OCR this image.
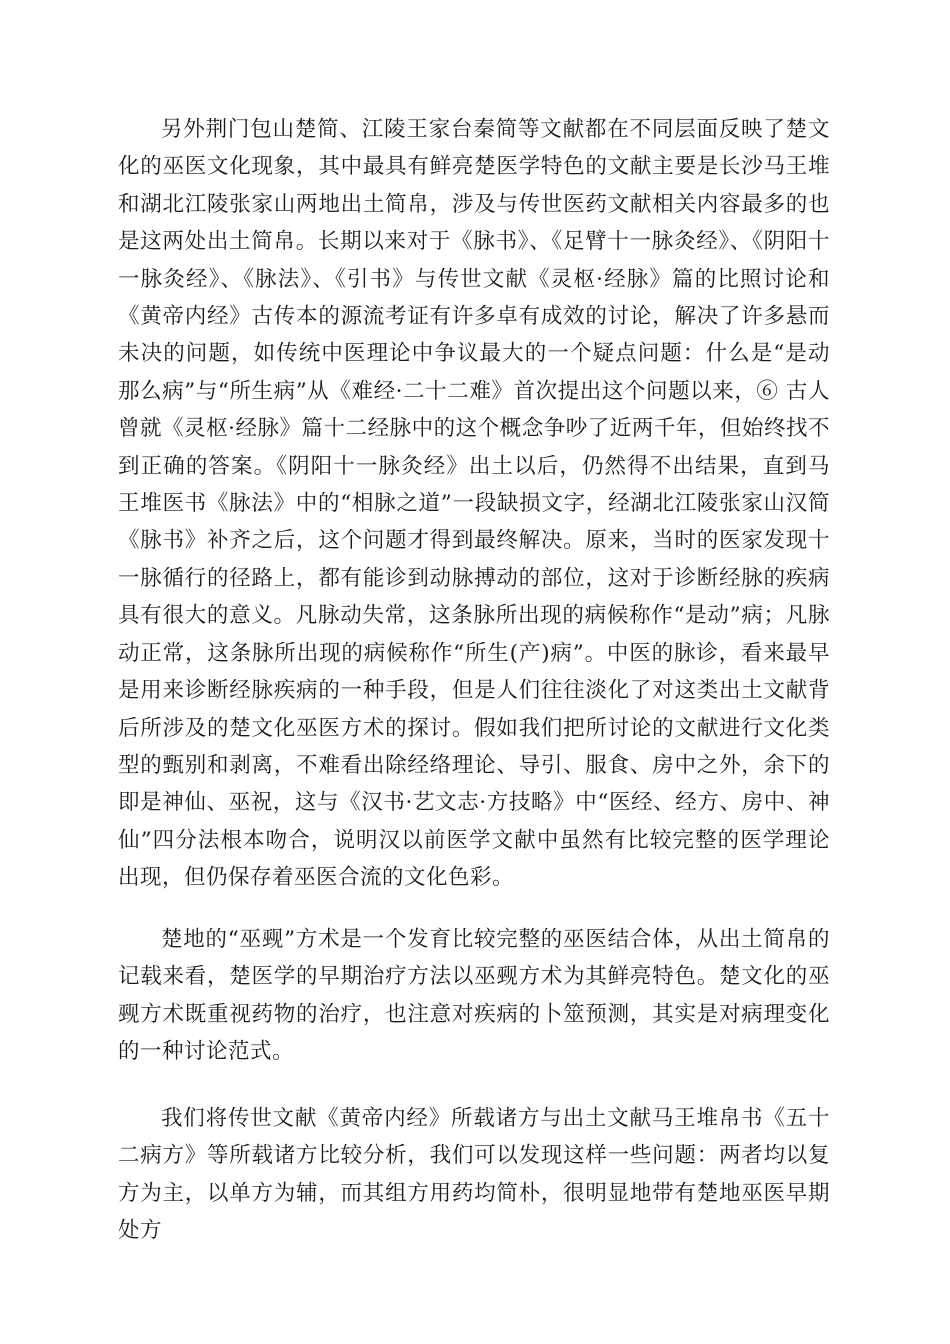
另外荆门包山楚简、江陵王家台秦简等文献都在不同层面反映了楚文化的巫医文化现象，其中最具有鲜亮楚医学特色的文献主要是长沙马王堆和湖北江陵张家山两地出土简帛，涉及与传世医药文献相关内容最多的也是这两处出土简帛。长期以来对于《脉书》、《足臂十一脉灸经》、《阴阳十一脉灸经》、《脉法》、《引书》与传世文献《灵枢·经脉》篇的比照讨论和《黄帝内经》古传本的源流考证有许多卓有成效的讨论，解决了许多悬而未决的问题，如传统中医理论中争议最大的一个疑点问题：什么是“是动那么病”与“所生病”从《难经·二十二难》首次提出这个问题以来，⑥ 古人曾就《灵枢·经脉》篇十二经脉中的这个概念争吵了近两千年，但始终找不到正确的答案。《阴阳十一脉灸经》出土以后，仍然得不出结果，直到马王堆医书《脉法》中的“相脉之道”一段缺损文字，经湖北江陵张家山汉简《脉书》补齐之后，这个问题才得到最终解决。原来，当时的医家发现十一脉循行的径路上，都有能诊到动脉搏动的部位，这对于诊断经脉的疾病具有很大的意义。凡脉动失常，这条脉所出现的病候称作“是动”病；凡脉动正常，这条脉所出现的病候称作“所生(产)病”。中医的脉诊，看来最早是用来诊断经脉疾病的一种手段，但是人们往往淡化了对这类出土文献背后所涉及的楚文化巫医方术的探讨。假如我们把所讨论的文献进行文化类型的甄别和剥离，不难看出除经络理论、导引、服食、房中之外，余下的即是神仙、巫祝，这与《汉书·艺文志·方技略》中“医经、经方、房中、神仙”四分法根本吻合，说明汉以前医学文献中虽然有比较完整的医学理论出现，但仍保存着巫医合流的文化色彩。

楚地的“巫觋”方术是一个发育比较完整的巫医结合体，从出土简帛的记载来看，楚医学的早期治疗方法以巫觋方术为其鲜亮特色。楚文化的巫觋方术既重视药物的治疗，也注意对疾病的卜筮预测，其实是对病理变化的一种讨论范式。

我们将传世文献《黄帝内经》所载诸方与出土文献马王堆帛书《五十二病方》等所载诸方比较分析，我们可以发现这样一些问题：两者均以复方为主，以单方为辅，而其组方用药均简朴，很明显地带有楚地巫医早期处方
